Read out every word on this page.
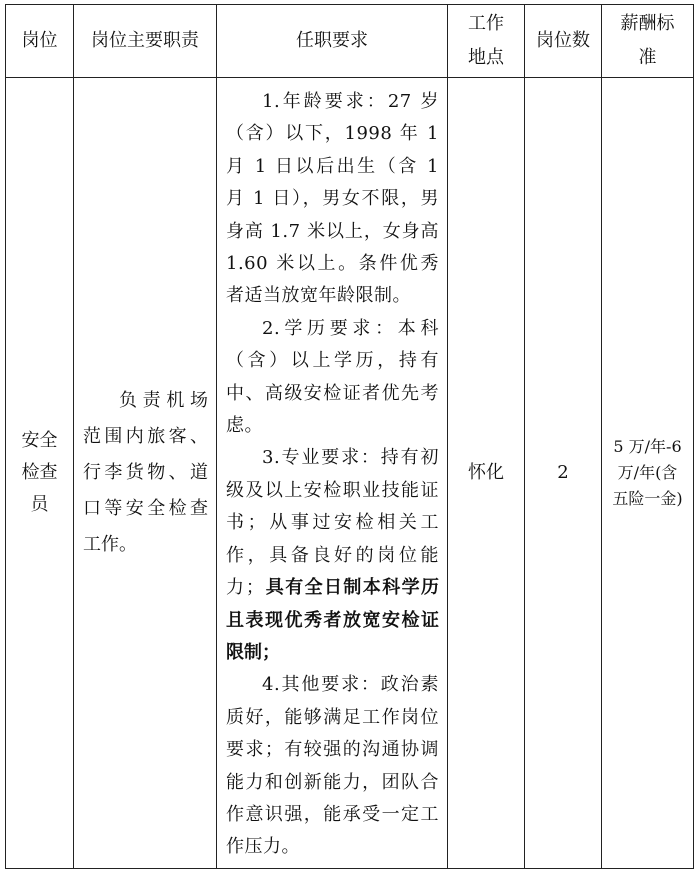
岗位	岗位主要职责	任职要求	工作地点	岗位数	薪酬标准
安全检查员	负责机场范围内旅客、行李货物、道口等安全检查工作。	1.年龄要求：27 岁（含）以下，1998 年 1 月 1 日以后出生（含 1 月 1 日），男女不限，男身高 1.7 米以上，女身高 1.60 米以上。条件优秀者适当放宽年龄限制。

2.学历要求：本科（含）以上学历，持有中、高级安检证者优先考虑。

3.专业要求：持有初级及以上安检职业技能证书；从事过安检相关工作，具备良好的岗位能力；具有全日制本科学历且表现优秀者放宽安检证限制；

4.其他要求：政治素质好，能够满足工作岗位要求；有较强的沟通协调能力和创新能力，团队合作意识强，能承受一定工作压力。	怀化	2	5 万/年-6 万/年(含五险一金)
